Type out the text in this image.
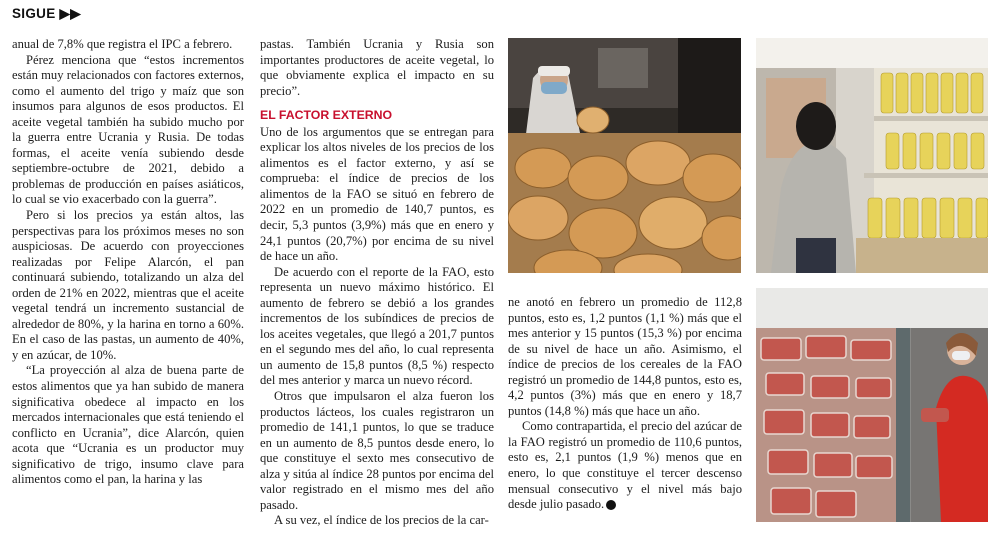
SIGUE ▶▶

anual de 7,8% que registra el IPC a febrero.

Pérez menciona que “estos incrementos están muy relacionados con factores externos, como el aumento del trigo y maíz que son insumos para algunos de esos productos. El aceite vegetal también ha subido mucho por la guerra entre Ucrania y Rusia. De todas formas, el aceite venía subiendo desde septiembre-octubre de 2021, debido a problemas de producción en países asiáticos, lo cual se vio exacerbado con la guerra”.

Pero si los precios ya están altos, las perspectivas para los próximos meses no son auspiciosas. De acuerdo con proyecciones realizadas por Felipe Alarcón, el pan continuará subiendo, totalizando un alza del orden de 21% en 2022, mientras que el aceite vegetal tendrá un incremento sustancial de alrededor de 80%, y la harina en torno a 60%. En el caso de las pastas, un aumento de 40%, y en azúcar, de 10%.

“La proyección al alza de buena parte de estos alimentos que ya han subido de manera significativa obedece al impacto en los mercados internacionales que está teniendo el conflicto en Ucrania”, dice Alarcón, quien acota que “Ucrania es un productor muy significativo de trigo, insumo clave para alimentos como el pan, la harina y las

pastas. También Ucrania y Rusia son importantes productores de aceite vegetal, lo que obviamente explica el impacto en su precio”.

EL FACTOR EXTERNO

Uno de los argumentos que se entregan para explicar los altos niveles de los precios de los alimentos es el factor externo, y así se comprueba: el índice de precios de los alimentos de la FAO se situó en febrero de 2022 en un promedio de 140,7 puntos, es decir, 5,3 puntos (3,9%) más que en enero y 24,1 puntos (20,7%) por encima de su nivel de hace un año.

De acuerdo con el reporte de la FAO, esto representa un nuevo máximo histórico. El aumento de febrero se debió a los grandes incrementos de los subíndices de precios de los aceites vegetales, que llegó a 201,7 puntos en el segundo mes del año, lo cual representa un aumento de 15,8 puntos (8,5 %) respecto del mes anterior y marca un nuevo récord.

Otros que impulsaron el alza fueron los productos lácteos, los cuales registraron un promedio de 141,1 puntos, lo que se traduce en un aumento de 8,5 puntos desde enero, lo que constituye el sexto mes consecutivo de alza y sitúa al índice 28 puntos por encima del valor registrado en el mismo mes del año pasado.

A su vez, el índice de los precios de la car-

ne anotó en febrero un promedio de 112,8 puntos, esto es, 1,2 puntos (1,1 %) más que el mes anterior y 15 puntos (15,3 %) por encima de su nivel de hace un año. Asimismo, el índice de precios de los cereales de la FAO registró un promedio de 144,8 puntos, esto es, 4,2 puntos (3%) más que en enero y 18,7 puntos (14,8 %) más que hace un año.

Como contrapartida, el precio del azúcar de la FAO registró un promedio de 110,6 puntos, esto es, 2,1 puntos (1,9 %) menos que en enero, lo que constituye el tercer descenso mensual consecutivo y el nivel más bajo desde julio pasado. P
